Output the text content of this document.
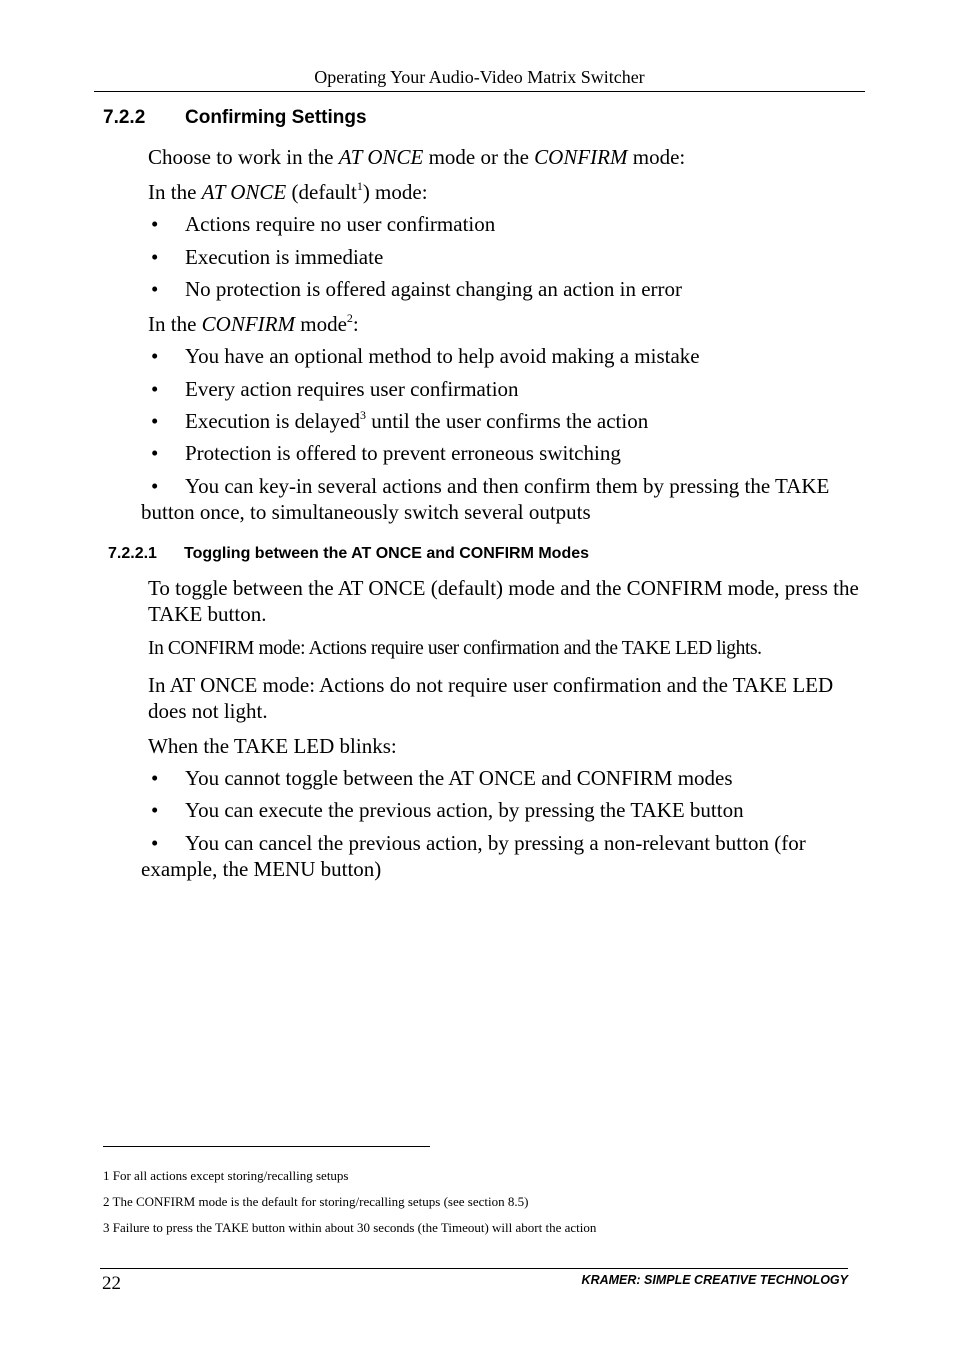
Operating Your Audio-Video Matrix Switcher
7.2.2 Confirming Settings
Choose to work in the AT ONCE mode or the CONFIRM mode:
In the AT ONCE (default$^1$) mode:
• Actions require no user confirmation
• Execution is immediate
• No protection is offered against changing an action in error
In the CONFIRM mode$^2$:
• You have an optional method to help avoid making a mistake
• Every action requires user confirmation
• Execution is delayed$^3$ until the user confirms the action
• Protection is offered to prevent erroneous switching
• You can key-in several actions and then confirm them by pressing the TAKE button once, to simultaneously switch several outputs
7.2.2.1 Toggling between the AT ONCE and CONFIRM Modes
To toggle between the AT ONCE (default) mode and the CONFIRM mode, press the TAKE button.
In CONFIRM mode: Actions require user confirmation and the TAKE LED lights.
In AT ONCE mode: Actions do not require user confirmation and the TAKE LED does not light.
When the TAKE LED blinks:
• You cannot toggle between the AT ONCE and CONFIRM modes
• You can execute the previous action, by pressing the TAKE button
• You can cancel the previous action, by pressing a non-relevant button (for example, the MENU button)
1 For all actions except storing/recalling setups
2 The CONFIRM mode is the default for storing/recalling setups (see section 8.5)
3 Failure to press the TAKE button within about 30 seconds (the Timeout) will abort the action
22	KRAMER: SIMPLE CREATIVE TECHNOLOGY
